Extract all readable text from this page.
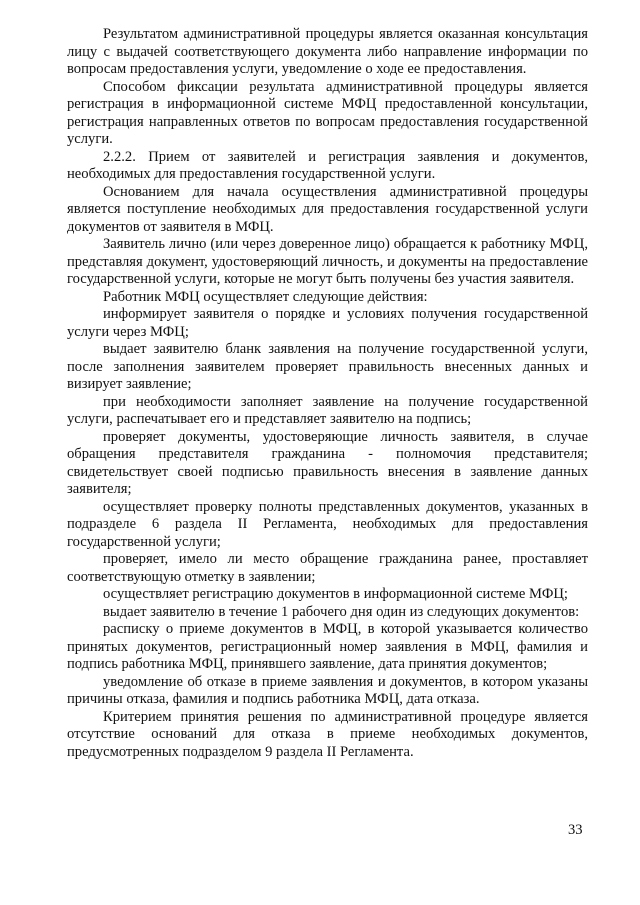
Результатом административной процедуры является оказанная консультация лицу с выдачей соответствующего документа либо направление информации по вопросам предоставления услуги, уведомление о ходе ее предоставления.

Способом фиксации результата административной процедуры является регистрация в информационной системе МФЦ предоставленной консультации, регистрация направленных ответов по вопросам предоставления государственной услуги.

2.2.2. Прием от заявителей и регистрация заявления и документов, необходимых для предоставления государственной услуги.

Основанием для начала осуществления административной процедуры является поступление необходимых для предоставления государственной услуги документов от заявителя в МФЦ.

Заявитель лично (или через доверенное лицо) обращается к работнику МФЦ, представляя документ, удостоверяющий личность, и документы на предоставление государственной услуги, которые не могут быть получены без участия заявителя.

Работник МФЦ осуществляет следующие действия:

информирует заявителя о порядке и условиях получения государственной услуги через МФЦ;

выдает заявителю бланк заявления на получение государственной услуги, после заполнения заявителем проверяет правильность внесенных данных и визирует заявление;

при необходимости заполняет заявление на получение государственной услуги, распечатывает его и представляет заявителю на подпись;

проверяет документы, удостоверяющие личность заявителя, в случае обращения представителя гражданина - полномочия представителя; свидетельствует своей подписью правильность внесения в заявление данных заявителя;

осуществляет проверку полноты представленных документов, указанных в подразделе 6 раздела II Регламента, необходимых для предоставления государственной услуги;

проверяет, имело ли место обращение гражданина ранее, проставляет соответствующую отметку в заявлении;

осуществляет регистрацию документов в информационной системе МФЦ;

выдает заявителю в течение 1 рабочего дня один из следующих документов:

расписку о приеме документов в МФЦ, в которой указывается количество принятых документов, регистрационный номер заявления в МФЦ, фамилия и подпись работника МФЦ, принявшего заявление, дата принятия документов;

уведомление об отказе в приеме заявления и документов, в котором указаны причины отказа, фамилия и подпись работника МФЦ, дата отказа.

Критерием принятия решения по административной процедуре является отсутствие оснований для отказа в приеме необходимых документов, предусмотренных подразделом 9 раздела II Регламента.

33
